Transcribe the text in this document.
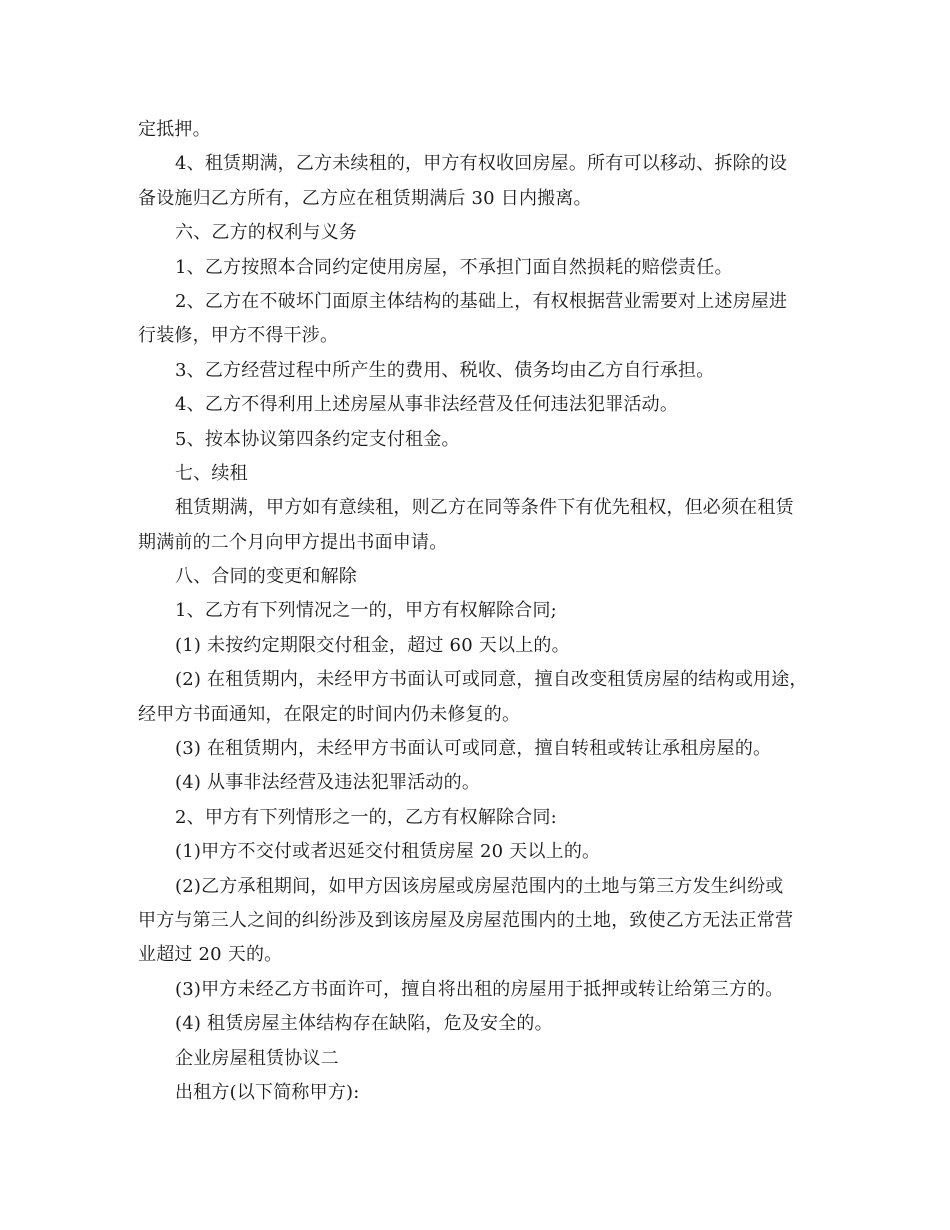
定抵押。
4、租赁期满，乙方未续租的，甲方有权收回房屋。所有可以移动、拆除的设
备设施归乙方所有，乙方应在租赁期满后 30 日内搬离。
六、乙方的权利与义务
1、乙方按照本合同约定使用房屋，不承担门面自然损耗的赔偿责任。
2、乙方在不破坏门面原主体结构的基础上，有权根据营业需要对上述房屋进
行装修，甲方不得干涉。
3、乙方经营过程中所产生的费用、税收、债务均由乙方自行承担。
4、乙方不得利用上述房屋从事非法经营及任何违法犯罪活动。
5、按本协议第四条约定支付租金。
七、续租
租赁期满，甲方如有意续租，则乙方在同等条件下有优先租权，但必须在租赁
期满前的二个月向甲方提出书面申请。
八、合同的变更和解除
1、乙方有下列情况之一的，甲方有权解除合同;
(1) 未按约定期限交付租金，超过 60 天以上的。
(2) 在租赁期内，未经甲方书面认可或同意，擅自改变租赁房屋的结构或用途，
经甲方书面通知，在限定的时间内仍未修复的。
(3) 在租赁期内，未经甲方书面认可或同意，擅自转租或转让承租房屋的。
(4) 从事非法经营及违法犯罪活动的。
2、甲方有下列情形之一的，乙方有权解除合同:
(1)甲方不交付或者迟延交付租赁房屋 20 天以上的。
(2)乙方承租期间，如甲方因该房屋或房屋范围内的土地与第三方发生纠纷或
甲方与第三人之间的纠纷涉及到该房屋及房屋范围内的土地，致使乙方无法正常营
业超过 20 天的。
(3)甲方未经乙方书面许可，擅自将出租的房屋用于抵押或转让给第三方的。
(4) 租赁房屋主体结构存在缺陷，危及安全的。
企业房屋租赁协议二
出租方(以下简称甲方):
